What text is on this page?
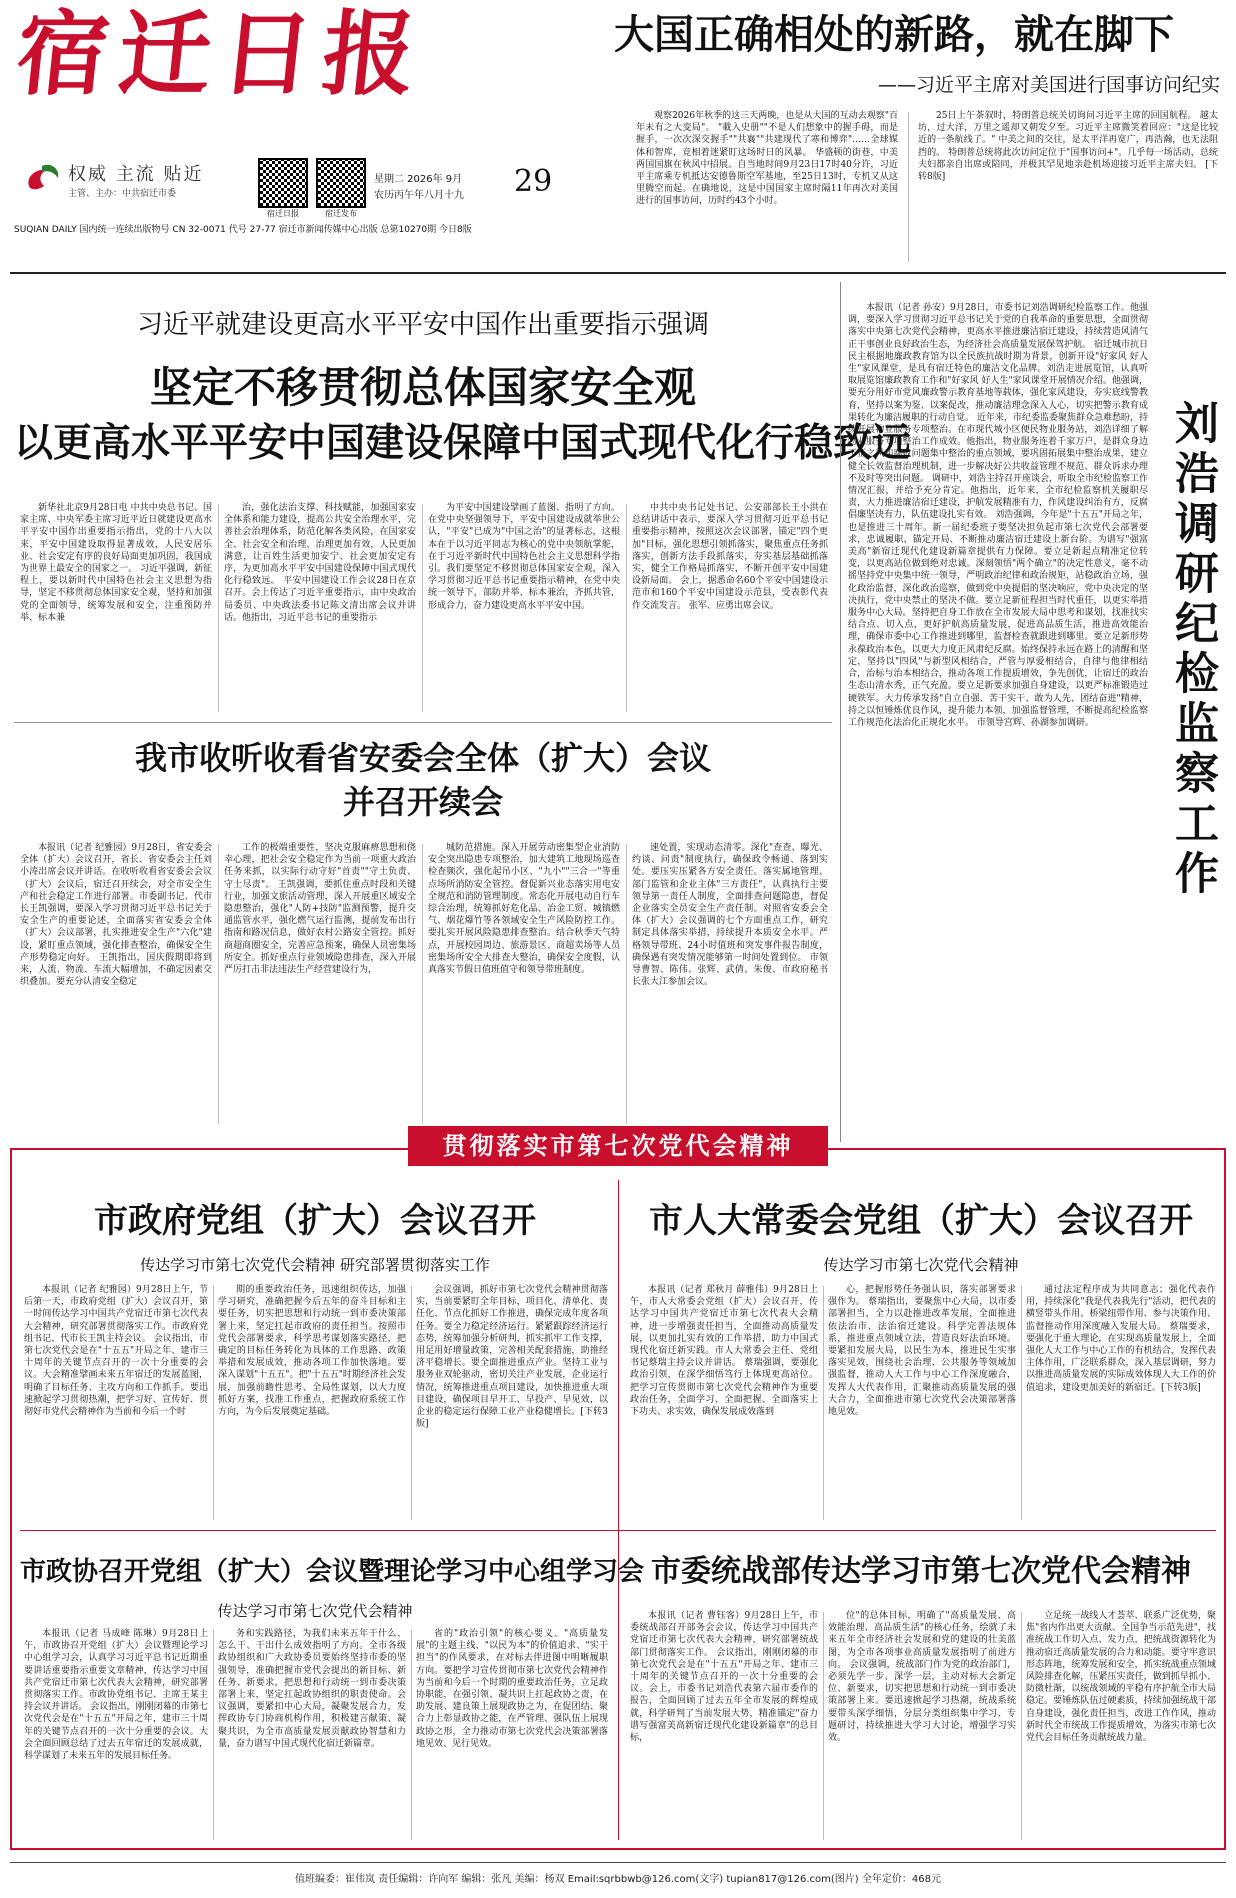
宿迁日报
权威 主流 贴近
主管、主办：中共宿迁市委
宿迁日报	宿迁发布
星期二 2026年 9月
农历丙午年八月十九 29
SUQIAN DAILY 国内统一连续出版物号 CN 32-0071 代号 27-77 宿迁市新闻传媒中心出版 总第10270期 今日8版
大国正确相处的新路，就在脚下
——习近平主席对美国进行国事访问纪实
观察2026年秋季的这三天两晚，也是从大国的互动去观察"百年未有之大变局"。 "載入史册""不是人们想象中的握手碍，而是握手，一次次深交握手""共襄""共建现代了寒和博弈"……全球媒体和智库，竞相着迷紧盯这场时日的风暴。 华盛顿的街巷，中美两国国旗在秋风中招展。自当地时间9月23日17时40分许，习近平主席乘专机抵达安德鲁斯空军基地，至25日13时，专机又从这里腾空而起。在确地说，这是中国国家主席时隔11年再次对美国进行的国事访问，历时约43个小时。
25日上午茶叙时，特朗普总统关切询问习近平主席的回国航程。 越太坊，过大洋，万里之遥却又朝发夕至。习近平主席微笑着回应："这是比较近的一条航线了。" 中美之间的交往，是太平洋再宽广，再浩瀚，也无法阻挡的。 特朗普总统将此次访问定位于"国事访问+"。几乎每一场活动，总统夫妇都亲自出席或陪同，并极其罕见地亲赴机场迎接习近平主席夫妇。 [下转8版]
习近平就建设更高水平平安中国作出重要指示强调
坚定不移贯彻总体国家安全观
以更高水平平安中国建设保障中国式现代化行稳致远
新华社北京9月28日电 中共中央总书记、国家主席、中央军委主席习近平近日就建设更高水平平安中国作出重要指示指出，党的十八大以来，平安中国建设取得显著成效，人民安居乐业、社会安定有序的良好局面更加巩固，我国成为世界上最安全的国家之一。 习近平强调，新征程上，要以新时代中国特色社会主义思想为指导，坚定不移贯彻总体国家安全观，坚持和加强党的全面领导，统筹发展和安全，注重预防并举、标本兼
治，强化法治支撑、科技赋能，加强国家安全体系和能力建设，提高公共安全治理水平，完善社会治理体系，防范化解各类风险，在国家安全、社会安全和治理、治理更加有效，人民更加满意，让百姓生活更加安宁、社会更加安定有序，为更加高水平平安中国建设保障中国式现代化行稳致远。 平安中国建设工作会议28日在京召开。会上传达了习近平重要指示，由中央政治局委员、中央政法委书记陈文清出席会议并讲话。他指出，习近平总书记的重要指示
为平安中国建设擘画了蓝图、指明了方向。在党中央坚强领导下，平安中国建设成就举世公认，"平安"已成为"中国之治"的显著标志，这根本在于以习近平同志为核心的党中央领航掌舵，在于习近平新时代中国特色社会主义思想科学指引。我们要坚定不移贯彻总体国家安全观，深入学习贯彻习近平总书记重要指示精神，在党中央统一领导下，部防并举、标本兼治，齐抓共管，形成合力，奋力建设更高水平平安中国。
中共中央书记处书记、公安部部长王小洪在总结讲话中表示，要深入学习贯彻习近平总书记重要指示精神，按照这次会议部署，锚定"四个更加"目标，强化思想引领抓落实，聚焦重点任务抓落实，创新方法手段抓落实，夯实基层基础抓落实，健全工作格局抓落实，不断开创平安中国建设新局面。 会上，据悉命名60个平安中国建设示范市和160个平安中国建设示范县，受表彰代表作交流发言。 张军、应勇出席会议。
本报讯（记者 孙安）9月28日，市委书记刘浩调研纪检监察工作。他强调，要深入学习贯彻习近平总书记关于党的自我革命的重要思想，全面贯彻落实中央第七次党代会精神，更高水平推进廉洁宿迁建设，持续营造风清气正干事创业良好政治生态，为经济社会高质量发展保驾护航。 宿迁城市抗日民主根据地廉政教育馆为以全民族抗战时期为背景，创新开设"好家风 好人生"家风课堂，是具有宿迁特色的廉洁文化品牌。刘浩走进展览馆，认真听取展览馆廉政教育工作和"好家风 好人生"家风课堂开展情况介绍。他强调，要充分用好市党风廉政警示教育基地等载体，强化家风建设，夯实底线警教育，坚持以案为鉴、以案促改，推动廉洁理念深入人心，切实把警示教育成果转化为廉洁履职的行动自觉。 近年来，市纪委监委聚焦群众急难愁盼，持续开展物业服务专项整治。在市现代城小区便民物业服务站，刘浩详细了解物业服务专项整治工作成效。他指出，物业服务连着千家万户，是群众身边不正之风和腐败问题集中整治的重点领域，要巩固拓展集中整治成果，建立健全长效监督治理机制，进一步解决好公共收益管理不规范、群众诉求办理不及时等突出问题。 调研中，刘浩主持召开座谈会，听取全市纪检监察工作情况汇报，并给予充分肯定。他指出，近年来，全市纪检监察机关履职尽责，大力推进廉洁宿迁建设，护航发展精准有力，作风建设纠治有方，反腐倡廉坚决有力，队伍建设扎实有效。 刘浩强调，今年是"十五五"开局之年，也是推进三十周年。新一届纪委班子要坚决担负起市第七次党代会部署要求，忠诚履职、锚定开局、不断推动廉洁宿迁建设上新台阶。为谱写"强富美高"新宿迁现代化建设新篇章提供有力保障。要立足新起点精准定位转变，以更高站位做到绝对忠诚。深刻领悟"两个确立"的决定性意义，毫不动摇坚持党中央集中统一领导，严明政治纪律和政治规矩，站稳政治立场，强化政治监督，深化政治巡察，做到党中央提倡的坚决响应，党中央决定的坚决执行，党中央禁止的坚决不做。要立足新征程担当时代重任，以更实举措服务中心大局。坚持把自身工作放在全市发展大局中思考和谋划，找准找实结合点、切入点，更好护航高质量发展，促进高品质生活，推进高效能治理，确保市委中心工作推进到哪里，监督检查就跟进到哪里。要立足新形势永葆政治本色，以更大力度正风肃纪反腐。始终保持永远在路上的清醒和坚定，坚持以"四风"与新型风相结合，严管与厚爱相结合，自律与他律相结合，治标与治本相结合，推动各项工作提质增效，争先创优，让宿迁的政治生态山清水秀，正气充盈。要立足新要求加强自身建设，以更严标准锻造过硬铁军。大力传承发扬"自立自强、苦干实干、敢为人先、团结奋进"精神，持之以恒锤炼优良作风，提升能力本领，加强监督管理，不断提高纪检监察工作规范化法治化正规化水平。 市领导宫辉、孙湖参加调研。	刘浩调研纪检监察工作
我市收听收看省安委会全体（扩大）会议
并召开续会
本报讯（记者 纪雅园）9月28日，省安委会全体（扩大）会议召开，省长、省安委会主任刘小涛出席会议并讲话。在收听收看省安委会会议（扩大）会议后，宿迁召开续会，对全市安全生产和社会稳定工作进行部署。市委副书记、代市长王凯强调，要深入学习贯彻习近平总书记关于安全生产的重要论述，全面落实省安委会全体（扩大）会议部署，扎实推进安全生产"六化"建设，紧盯重点领域，强化排查整治，确保安全生产形势稳定向好。 王凯指出，国庆假期即将到来，人流、物流、车流大幅增加，不确定因素交织叠加。要充分认清安全稳定
工作的极端重要性，坚决克服麻痹思想和侥幸心理，把社会安全稳定作为当前一项重大政治任务来抓，以实际行动守好"首责""守土负责、守土尽责"。 王凯强调，要抓住重点时段和关键行业，加强文旅活动管理，深入开展重区域安全隐患整治，强化"人防+技防"监测预警，提升交通监管水平，强化燃气运行监测，提前发布出行指南和路况信息，做好农村公路安全管控。抓好商超商圈安全，完善应急预案，确保人员密集场所安全。抓好重点行业领域隐患排查，深入开展严厉打击非法违法生产经营建设行为，
城防范措施。深入开展劳动密集型企业消防安全突出隐患专项整治，加大建筑工地现场巡查检查频次，强化起吊小区、"九小""三合一"等重点场所消防安全管控。督促新兴业态落实用电安全规范和消防管理制度。常态化开展电动自行车综合治理，统筹抓好危化品、冶金工贸、城镇燃气、烟花爆竹等各领域安全生产风险防控工作。要扎实开展风险隐患排查整治。结合秋季天气特点，开展校园周边、旅游景区、商超卖场等人员密集场所安全大排查大整治，确保安全度假，认真落实节假日值班值守和领导带班制度。
速处置，实现动态清零。深化"查查、曝光、约谈、问责"制度执行，确保政令畅通、落到实处。要压实压紧各方安全责任。落实属地管理、部门监管和企业主体"三方责任"，认真执行主要领导第一责任人制度，全面排查问题隐患，督促企业落实全员安全生产责任制。对照省安委会全体（扩大）会议强调的七个方面重点工作，研究制定具体落实举措，持续提升本质安全水平。严格领导带班、24小时值班和突发事件报告制度，确保遇有突发情况能够第一时间处置到位。 市领导曹智、陈伟、张辉、武倩、朱俊、市政府秘书长张大江参加会议。
贯彻落实市第七次党代会精神
市政府党组（扩大）会议召开
传达学习市第七次党代会精神 研究部署贯彻落实工作
本报讯（记者 纪雅园）9月28日上午，节后第一天，市政府党组（扩大）会议召开，第一时间传达学习中国共产党宿迁市第七次代表大会精神，研究部署贯彻落实工作。市政府党组书记、代市长王凯主持会议。 会议指出，市第七次党代会是在"十五五"开局之年、建市三十周年的关键节点召开的一次十分重要的会议。大会精准擘画未来五年宿迁的发展蓝图，明确了目标任务、主攻方向和工作抓手。要迅速掀起学习贯彻热潮，把学习好、宣传好、贯彻好市党代会精神作为当前和今后一个时
期的重要政治任务，迅速组织传达，加强学习研究，准确把握今后五年的奋斗目标和主要任务，切实把思想和行动统一到市委决策部署上来，坚定扛起市政府的责任担当。按照市党代会部署要求，科学思考谋划落实路径，把确定的目标任务转化为具体的工作思路、政策举措和发展成效，推动各项工作加快落地。要深入谋划"十五五"。把"十五五"时期经济社会发展，加强前瞻性思考、全局性谋划，以大力度抓好方案，找准工作重点，把握政府系统工作方向，为今后发展奠定基础。
会议强调，抓好市第七次党代会精神贯彻落实，当前要紧盯全年目标，项目化、清单化、责任化、节点化抓好工作推进，确保完成年度各项任务。要全力稳定经济运行。紧紧跟踪经济运行态势，统筹加强分析研判，抓实抓牢工作支撑，用足用好增量政策，完善相关配套措施，助推经济平稳增长。要全面推进重点产业。坚持工业与服务业双轮驱动，密切关注产业发展，企业运行情况，统筹推进重点项目建设，加快推进重大项目建设，确保项目早开工、早投产、早见效，以企业的稳定运行保障工业产业稳健增长。[下转3版]
市人大常委会党组（扩大）会议召开
传达学习市第七次党代会精神
本报讯（记者 郑秋月 薛雅伟）9月28日上午，市人大常委会党组（扩大）会议召开，传达学习中国共产党宿迁市第七次代表大会精神，进一步增强责任担当，全面推动高质量发展，以更加扎实有效的工作举措，助力中国式现代化宿迁新实践。市人大常委会主任、党组书记蔡瑞主持会议并讲话。 蔡瑞强调，要强化政治引领，在深学细悟笃行上体现更高站位。把学习宣传贯彻市第七次党代会精神作为重要政治任务，全面学习、全面把握、全面落实上下功夫、求实效，确保发展成效落到
心，把握形势任务强认识，落实部署要求强作为。 蔡瑞指出，要聚焦中心大局，以市委部署担当，全力以赴推进改革发展，全面推进依法治市、法治宿迁建设。科学完善法规体系，推进重点领域立法，营造良好法治环境。要紧扣发展大局，以民生为本，推进民生实事落实见效，围绕社会治理、公共服务等领域加强监督，推动人大工作与中心工作深度融合，发挥人大代表作用，汇聚推动高质量发展的强大合力，全面推进市第七次党代会决策部署落地见效。
通过法定程序成为共同意志；强化代表作用，持续深化"我是代表我先行"活动，把代表的横竖带头作用、桥梁纽带作用、参与决策作用、监督推动作用深度融入发展大局。 蔡瑞要求，要强化于重大理论，在实现高质量发展上，全面强化人大工作与中心工作的有机结合，发挥代表主体作用，广泛联系群众，深入基层调研，努力以推进高质量发展的实际成效体现人大工作的价值追求，建设更加美好的新宿迁。[下转3版]
市政协召开党组（扩大）会议暨理论学习中心组学习会
传达学习市第七次党代会精神
本报讯（记者 马成峰 陈琳）9月28日上午，市政协召开党组（扩大）会议暨理论学习中心组学习会，认真学习习近平总书记近期重要讲话重要指示重要文章精神，传达学习中国共产党宿迁市第七次代表大会精神，研究部署贯彻落实工作。市政协党组书记、主席王某主持会议并讲话。 会议指出，刚刚闭幕的市第七次党代会是在"十五五"开局之年，建市三十周年的关键节点召开的一次十分重要的会议。大会全面回顾总结了过去五年宿迁的发展成就，科学谋划了未来五年的发展目标任务。
务和实践路径，为我们未来五年干什么、怎么干、干出什么成效指明了方向。全市各级政协组织和广大政协委员要始终坚持市委的坚强领导，准确把握市党代会提出的新目标、新任务、新要求，把思想和行动统一到市委决策部署上来，坚定扛起政协组织的职责使命。会议强调，要紧扣中心大局，凝聚发展合力，发挥政协专门协商机构作用，积极建言献策、凝聚共识，为全市高质量发展贡献政协智慧和力量，奋力谱写中国式现代化宿迁新篇章。
省的"政治引领"的核心要义、"高质量发展"的主题主线、"以民为本"的价值追求、"实干担当"的作风要求，在对标去伴进图中明晰履职方向。要把学习宣传贯彻市第七次党代会精神作为当前和今后一个时期的重要政治任务，立足政协职能，在强引领、凝共识上扛起政协之责，在助发展、建良策上展现政协之为，在促团结、聚合力上彰显政协之能，在严管理、强队伍上展现政协之形，全力推动市第七次党代会决策部署落地见效、见行见效。
市委统战部传达学习市第七次党代会精神
本报讯（记者 曹钰客）9月28日上午，市委统战部召开部务会会议，传达学习中国共产党宿迁市第七次代表大会精神，研究部署统战部门贯彻落实工作。 会议指出，刚刚闭幕的市第七次党代会是在"十五五"开局之年、建市三十周年的关键节点召开的一次十分重要的会议。会上，市委书记刘浩代表第六届市委作的报告，全面回顾了过去五年全市发展的辉煌成就，科学研判了当前发展大势，精准锚定"奋力谱写强富美高新宿迁现代化建设新篇章"的总目标，
位"的总体目标，明确了"高质量发展、高效能治理、高品质生活"的核心任务，绘就了未来五年全市经济社会发展和党的建设的壮美蓝图，为全市各项事业高质量发展指明了前进方向。 会议强调，统战部门作为党的政治部门，必须先学一步、深学一层，主动对标大会新定位、新要求，切实把思想和行动统一到市委决策部署上来。要迅速掀起学习热潮，统战系统要带头深学细悟，分层分类组织集中学习、专题研讨，持续推进大学习大讨论，增强学习实效。
立足统一战线人才荟萃、联系广泛优势，聚焦"省内作出更大贡献、全国争当示范先进"，找准统战工作切入点、发力点，把统战资源转化为推动宿迁高质量发展的合力和动能。要守牢意识形态阵地，统筹发展和安全，抓实统战重点领域风险排查化解，压紧压实责任，做到抓早抓小、防微杜渐，以统战领域的平稳有序护航全市大局稳定。要锤炼队伍过硬素质，持续加强统战干部自身建设，强化责任担当，改进工作作风，推动新时代全市统战工作提质增效，为落实市第七次党代会目标任务贡献统战力量。
值班编委：崔伟岚 责任编辑：许向军 编辑：张凡 美编：杨双 Email:sqrbbwb@126.com(文字) tupian817@126.com(图片) 全年定价：468元
